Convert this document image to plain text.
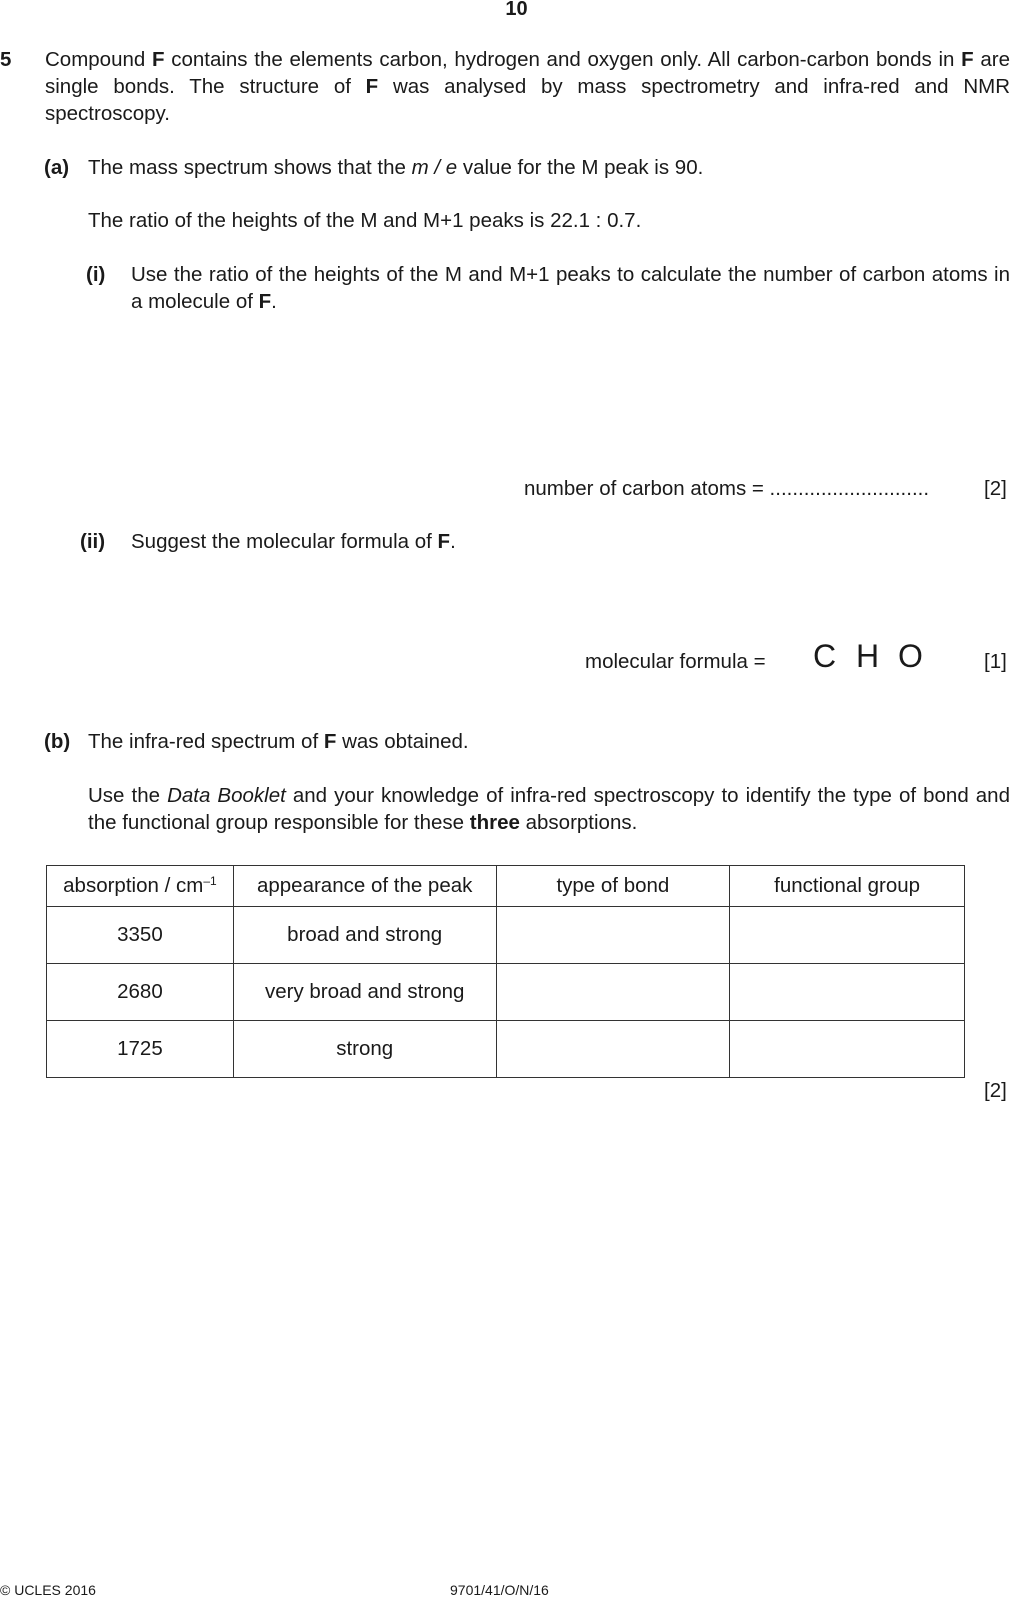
10
5 Compound F contains the elements carbon, hydrogen and oxygen only. All carbon-carbon bonds in F are single bonds. The structure of F was analysed by mass spectrometry and infra-red and NMR spectroscopy.
(a) The mass spectrum shows that the m / e value for the M peak is 90.
The ratio of the heights of the M and M+1 peaks is 22.1 : 0.7.
(i) Use the ratio of the heights of the M and M+1 peaks to calculate the number of carbon atoms in a molecule of F.
number of carbon atoms = ............................	[2]
(ii) Suggest the molecular formula of F.
molecular formula = C H O	[1]
(b) The infra-red spectrum of F was obtained.
Use the Data Booklet and your knowledge of infra-red spectroscopy to identify the type of bond and the functional group responsible for these three absorptions.
absorption / $cm^{-1}$	appearance of the peak	type of bond	functional group
3350	broad and strong		
2680	very broad and strong		
1725	strong		
[2]
© UCLES 2016	9701/41/O/N/16
